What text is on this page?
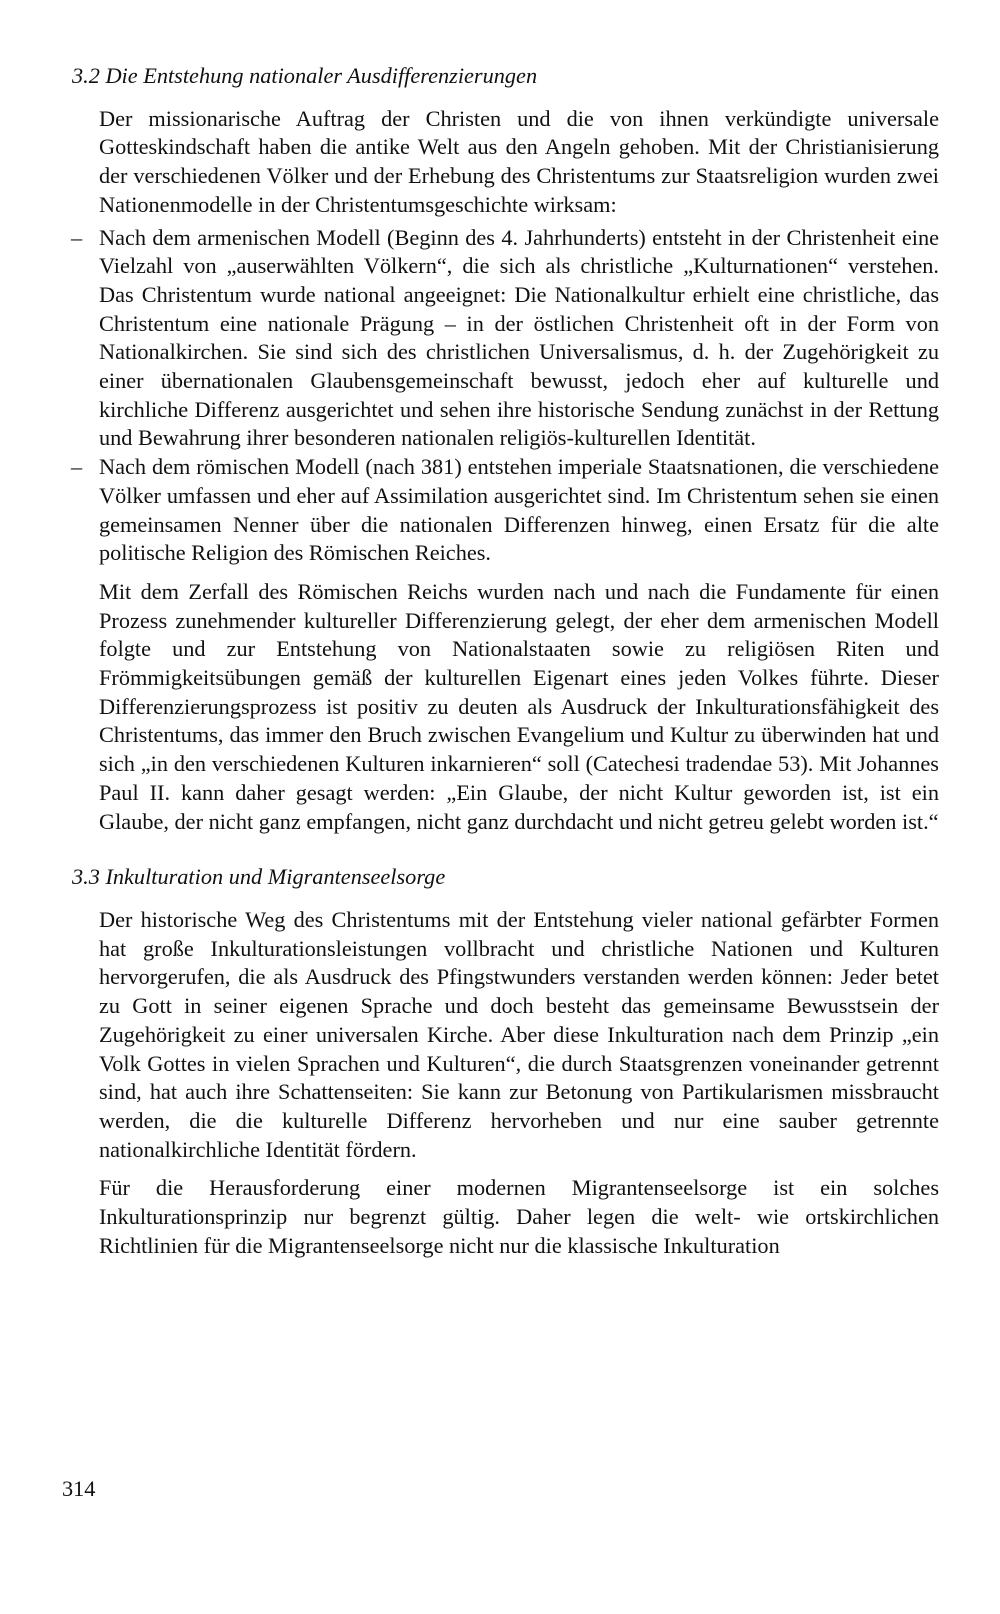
3.2 Die Entstehung nationaler Ausdifferenzierungen

Der missionarische Auftrag der Christen und die von ihnen verkündigte universale Gotteskindschaft haben die antike Welt aus den Angeln gehoben. Mit der Christianisierung der verschiedenen Völker und der Erhebung des Christentums zur Staatsreligion wurden zwei Nationenmodelle in der Christentumsgeschichte wirksam:

– Nach dem armenischen Modell (Beginn des 4. Jahrhunderts) entsteht in der Christenheit eine Vielzahl von „auserwählten Völkern“, die sich als christliche „Kulturnationen“ verstehen. Das Christentum wurde national angeeignet: Die Nationalkultur erhielt eine christliche, das Christentum eine nationale Prägung – in der östlichen Christenheit oft in der Form von Nationalkirchen. Sie sind sich des christlichen Universalismus, d. h. der Zugehörigkeit zu einer übernationalen Glaubensgemeinschaft bewusst, jedoch eher auf kulturelle und kirchliche Differenz ausgerichtet und sehen ihre historische Sendung zunächst in der Rettung und Bewahrung ihrer besonderen nationalen religiös-kulturellen Identität.
– Nach dem römischen Modell (nach 381) entstehen imperiale Staatsnationen, die verschiedene Völker umfassen und eher auf Assimilation ausgerichtet sind. Im Christentum sehen sie einen gemeinsamen Nenner über die nationalen Differenzen hinweg, einen Ersatz für die alte politische Religion des Römischen Reiches.

Mit dem Zerfall des Römischen Reichs wurden nach und nach die Fundamente für einen Prozess zunehmender kultureller Differenzierung gelegt, der eher dem armenischen Modell folgte und zur Entstehung von Nationalstaaten sowie zu religiösen Riten und Frömmigkeitsübungen gemäß der kulturellen Eigenart eines jeden Volkes führte. Dieser Differenzierungsprozess ist positiv zu deuten als Ausdruck der Inkulturationsfähigkeit des Christentums, das immer den Bruch zwischen Evangelium und Kultur zu überwinden hat und sich „in den verschiedenen Kulturen inkarnieren“ soll (Catechesi tradendae 53). Mit Johannes Paul II. kann daher gesagt werden: „Ein Glaube, der nicht Kultur geworden ist, ist ein Glaube, der nicht ganz empfangen, nicht ganz durchdacht und nicht getreu gelebt worden ist.“

3.3 Inkulturation und Migrantenseelsorge

Der historische Weg des Christentums mit der Entstehung vieler national gefärbter Formen hat große Inkulturationsleistungen vollbracht und christliche Nationen und Kulturen hervorgerufen, die als Ausdruck des Pfingstwunders verstanden werden können: Jeder betet zu Gott in seiner eigenen Sprache und doch besteht das gemeinsame Bewusstsein der Zugehörigkeit zu einer universalen Kirche. Aber diese Inkulturation nach dem Prinzip „ein Volk Gottes in vielen Sprachen und Kulturen“, die durch Staatsgrenzen voneinander getrennt sind, hat auch ihre Schattenseiten: Sie kann zur Betonung von Partikularismen missbraucht werden, die die kulturelle Differenz hervorheben und nur eine sauber getrennte nationalkirchliche Identität fördern.

Für die Herausforderung einer modernen Migrantenseelsorge ist ein solches Inkulturationsprinzip nur begrenzt gültig. Daher legen die welt- wie ortskirchlichen Richtlinien für die Migrantenseelsorge nicht nur die klassische Inkulturation

314
